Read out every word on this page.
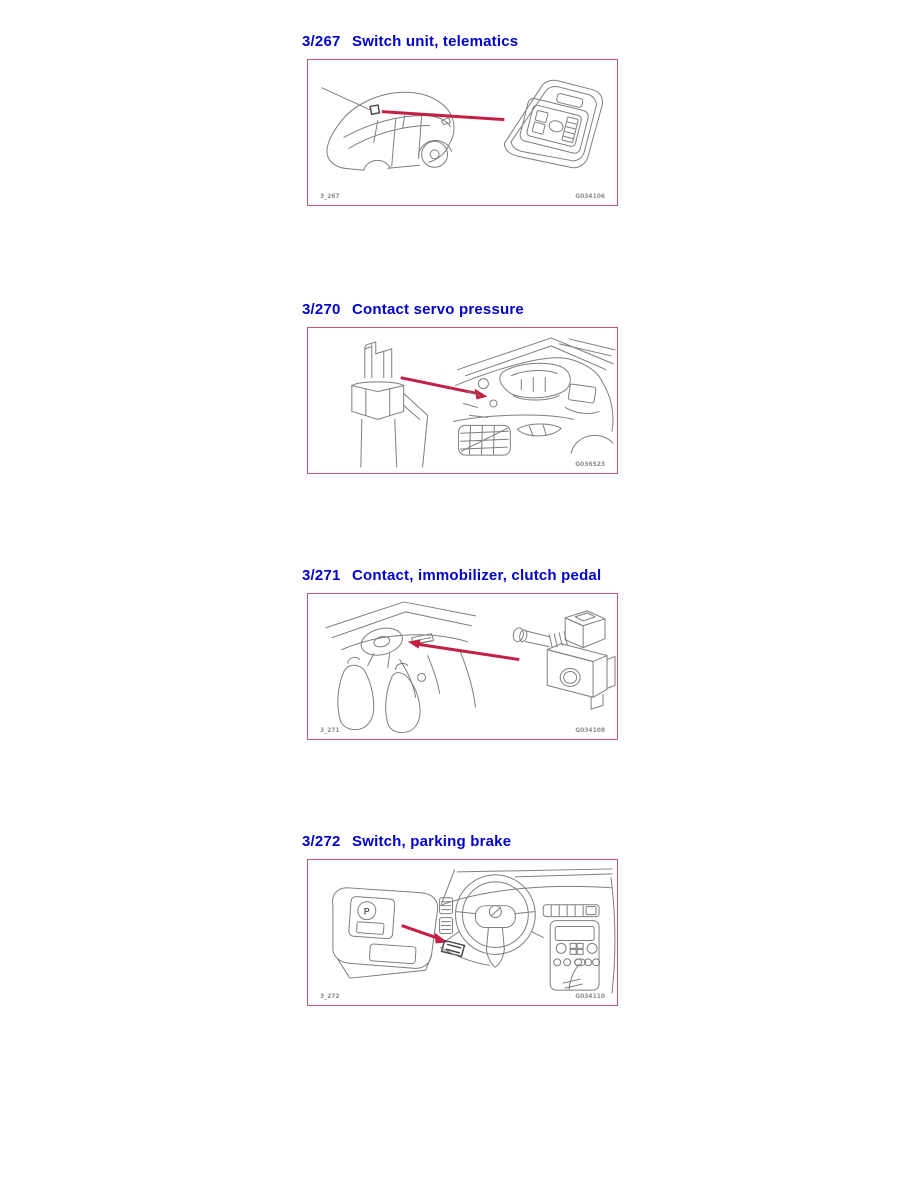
3/267 Switch unit, telematics
3_267	G034106
3/270 Contact servo pressure
G036523
3/271 Contact, immobilizer, clutch pedal
3_271	G034108
3/272 Switch, parking brake
P
3_272	G034110
